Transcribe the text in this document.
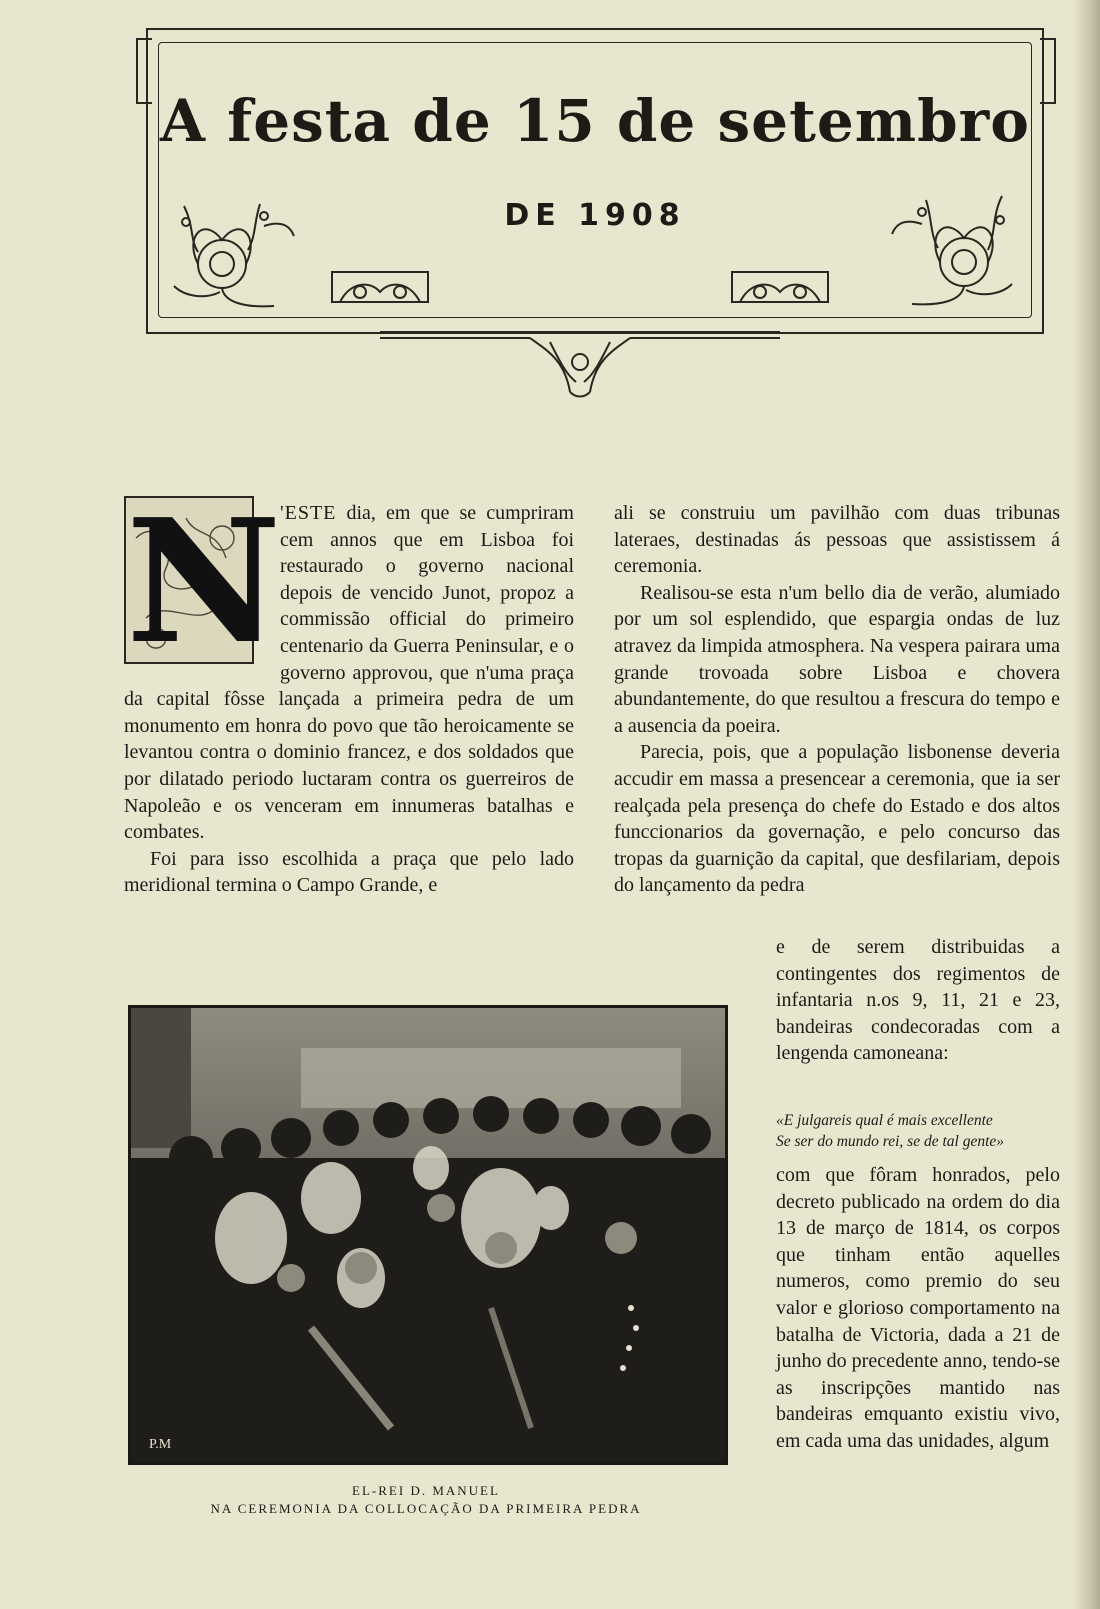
A festa de 15 de setembro
DE 1908
N

'ESTE dia, em que se cumpriram cem annos que em Lisboa foi restaurado o governo nacional depois de vencido Junot, propoz a commissão official do primeiro centenario da Guerra Peninsular, e o governo approvou, que n'uma praça da capital fôsse lançada a primeira pedra de um monumento em honra do povo que tão heroicamente se levantou contra o dominio francez, e dos soldados que por dilatado periodo luctaram contra os guerreiros de Napoleão e os venceram em innumeras batalhas e combates.

Foi para isso escolhida a praça que pelo lado meridional termina o Campo Grande, e

ali se construiu um pavilhão com duas tribunas lateraes, destinadas ás pessoas que assistissem á ceremonia.

Realisou-se esta n'um bello dia de verão, alumiado por um sol esplendido, que espargia ondas de luz atravez da limpida atmosphera. Na vespera pairara uma grande trovoada sobre Lisboa e chovera abundantemente, do que resultou a frescura do tempo e a ausencia da poeira.

Parecia, pois, que a população lisbonense deveria accudir em massa a presencear a ceremonia, que ia ser realçada pela presença do chefe do Estado e dos altos funccionarios da governação, e pelo concurso das tropas da guarnição da capital, que desfilariam, depois do lançamento da pedra

e de serem distribuidas a contingentes dos regimentos de infantaria n.os 9, 11, 21 e 23, bandeiras condecoradas com a lengenda camoneana:

«E julgareis qual é mais excellente
Se ser do mundo rei, se de tal gente»

com que fôram honrados, pelo decreto publicado na ordem do dia 13 de março de 1814, os corpos que tinham então aquelles numeros, como premio do seu valor e glorioso comportamento na batalha de Victoria, dada a 21 de junho do precedente anno, tendo-se as inscripções mantido nas bandeiras emquanto existiu vivo, em cada uma das unidades, algum

P.M
EL-REI D. MANUEL
NA CEREMONIA DA COLLOCAÇÃO DA PRIMEIRA PEDRA
